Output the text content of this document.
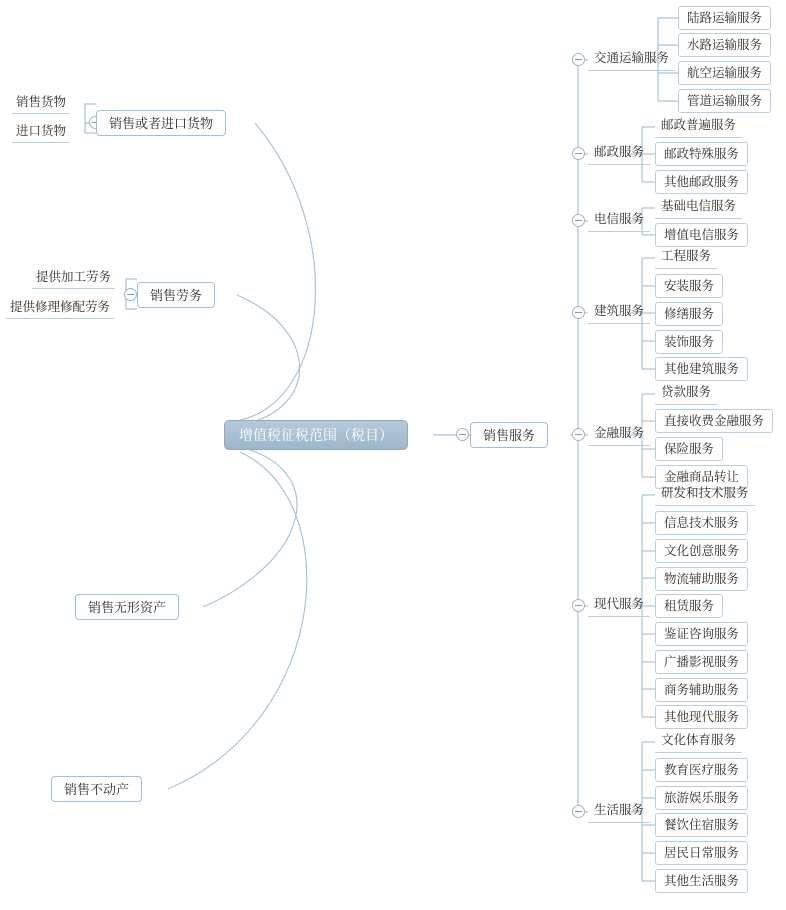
增值税征税范围（税目）
销售或者进口货物
销售货物
进口货物
销售劳务
提供加工劳务
提供修理修配劳务
销售无形资产
销售不动产
销售服务
交通运输服务
陆路运输服务
水路运输服务
航空运输服务
管道运输服务
邮政服务
邮政普遍服务
邮政特殊服务
其他邮政服务
电信服务
基础电信服务
增值电信服务
建筑服务
工程服务
安装服务
修缮服务
装饰服务
其他建筑服务
金融服务
贷款服务
直接收费金融服务
保险服务
金融商品转让
现代服务
研发和技术服务
信息技术服务
文化创意服务
物流辅助服务
租赁服务
鉴证咨询服务
广播影视服务
商务辅助服务
其他现代服务
生活服务
文化体育服务
教育医疗服务
旅游娱乐服务
餐饮住宿服务
居民日常服务
其他生活服务
